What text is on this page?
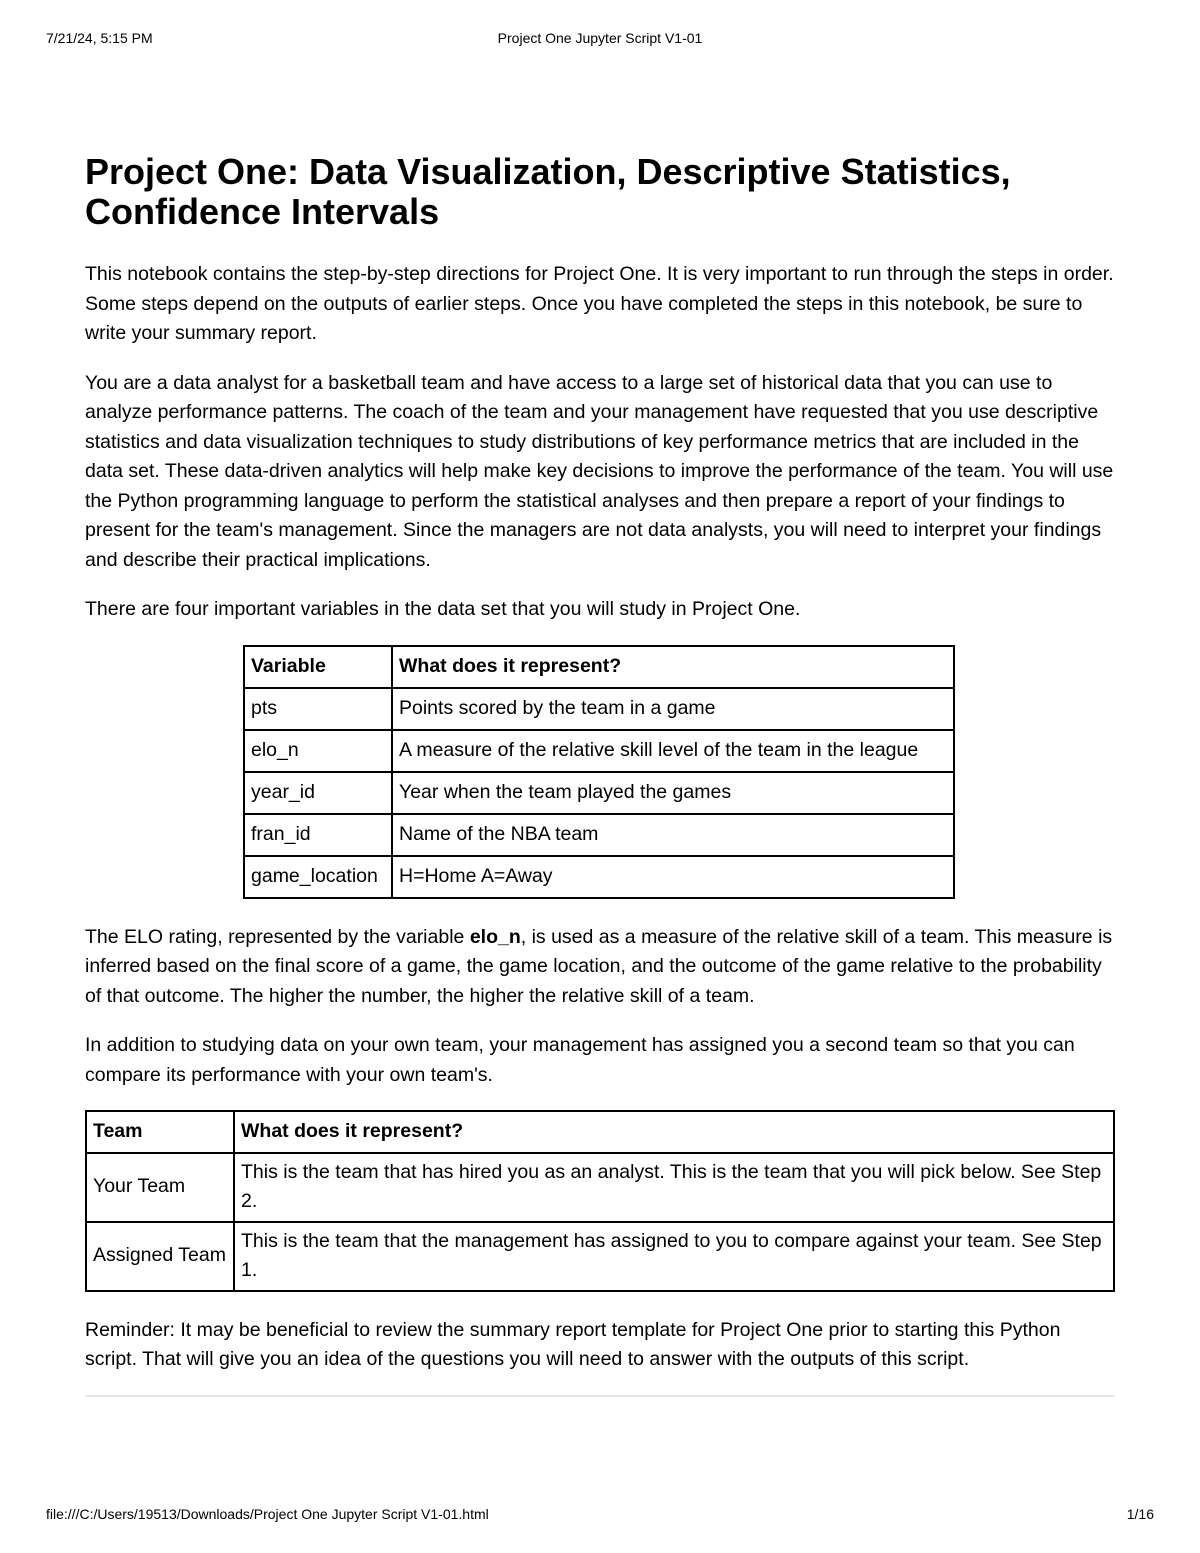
7/21/24, 5:15 PM	Project One Jupyter Script V1-01
Project One: Data Visualization, Descriptive Statistics, Confidence Intervals

This notebook contains the step-by-step directions for Project One. It is very important to run through the steps in order. Some steps depend on the outputs of earlier steps. Once you have completed the steps in this notebook, be sure to write your summary report.

You are a data analyst for a basketball team and have access to a large set of historical data that you can use to analyze performance patterns. The coach of the team and your management have requested that you use descriptive statistics and data visualization techniques to study distributions of key performance metrics that are included in the data set. These data-driven analytics will help make key decisions to improve the performance of the team. You will use the Python programming language to perform the statistical analyses and then prepare a report of your findings to present for the team's management. Since the managers are not data analysts, you will need to interpret your findings and describe their practical implications.

There are four important variables in the data set that you will study in Project One.

Variable	What does it represent?
pts	Points scored by the team in a game
elo_n	A measure of the relative skill level of the team in the league
year_id	Year when the team played the games
fran_id	Name of the NBA team
game_location	H=Home A=Away

The ELO rating, represented by the variable elo_n, is used as a measure of the relative skill of a team. This measure is inferred based on the final score of a game, the game location, and the outcome of the game relative to the probability of that outcome. The higher the number, the higher the relative skill of a team.

In addition to studying data on your own team, your management has assigned you a second team so that you can compare its performance with your own team's.

Team	What does it represent?
Your Team	This is the team that has hired you as an analyst. This is the team that you will pick below. See Step 2.
Assigned Team	This is the team that the management has assigned to you to compare against your team. See Step 1.

Reminder: It may be beneficial to review the summary report template for Project One prior to starting this Python script. That will give you an idea of the questions you will need to answer with the outputs of this script.

file:///C:/Users/19513/Downloads/Project One Jupyter Script V1-01.html	1/16
